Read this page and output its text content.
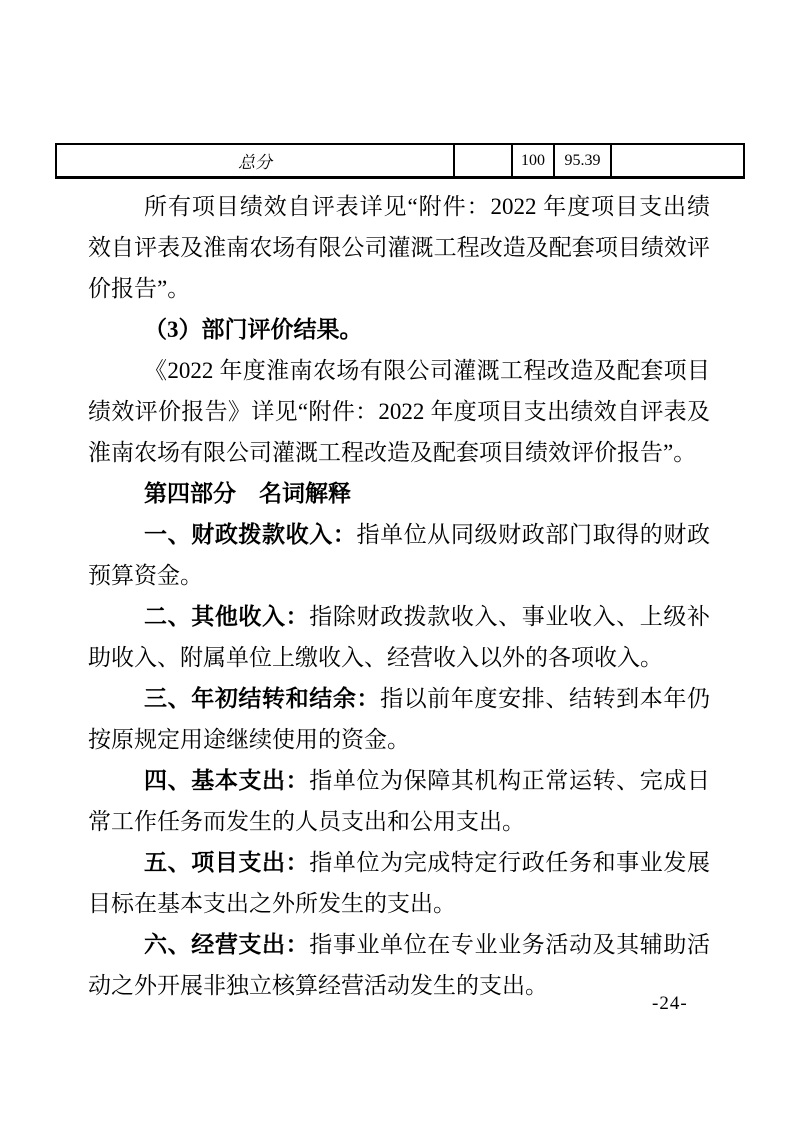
总分		100	95.39	

所有项目绩效自评表详见“附件：2022 年度项目支出绩效自评表及淮南农场有限公司灌溉工程改造及配套项目绩效评价报告”。

（3）部门评价结果。

《2022 年度淮南农场有限公司灌溉工程改造及配套项目绩效评价报告》详见“附件：2022 年度项目支出绩效自评表及淮南农场有限公司灌溉工程改造及配套项目绩效评价报告”。

第四部分　名词解释

一、财政拨款收入：指单位从同级财政部门取得的财政预算资金。

二、其他收入：指除财政拨款收入、事业收入、上级补助收入、附属单位上缴收入、经营收入以外的各项收入。

三、年初结转和结余：指以前年度安排、结转到本年仍按原规定用途继续使用的资金。

四、基本支出：指单位为保障其机构正常运转、完成日常工作任务而发生的人员支出和公用支出。

五、项目支出：指单位为完成特定行政任务和事业发展目标在基本支出之外所发生的支出。

六、经营支出：指事业单位在专业业务活动及其辅助活动之外开展非独立核算经营活动发生的支出。

-24-
